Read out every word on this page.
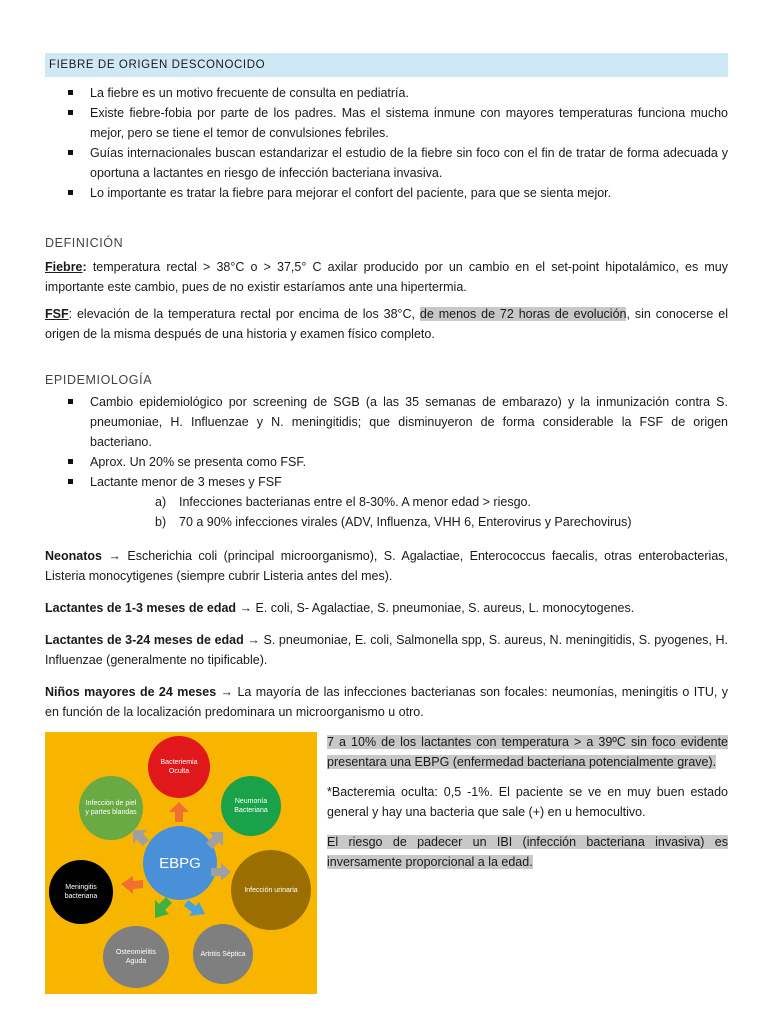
FIEBRE DE ORIGEN DESCONOCIDO
La fiebre es un motivo frecuente de consulta en pediatría.
Existe fiebre-fobia por parte de los padres. Mas el sistema inmune con mayores temperaturas funciona mucho mejor, pero se tiene el temor de convulsiones febriles.
Guías internacionales buscan estandarizar el estudio de la fiebre sin foco con el fin de tratar de forma adecuada y oportuna a lactantes en riesgo de infección bacteriana invasiva.
Lo importante es tratar la fiebre para mejorar el confort del paciente, para que se sienta mejor.
DEFINICIÓN

Fiebre: temperatura rectal > 38°C o > 37,5° C axilar producido por un cambio en el set-point hipotalámico, es muy importante este cambio, pues de no existir estaríamos ante una hipertermia.

FSF: elevación de la temperatura rectal por encima de los 38°C, de menos de 72 horas de evolución, sin conocerse el origen de la misma después de una historia y examen físico completo.

EPIDEMIOLOGÍA
Cambio epidemiológico por screening de SGB (a las 35 semanas de embarazo) y la inmunización contra S. pneumoniae, H. Influenzae y N. meningitidis; que disminuyeron de forma considerable la FSF de origen bacteriano.
Aprox. Un 20% se presenta como FSF.
Lactante menor de 3 meses y FSF
a) Infecciones bacterianas entre el 8-30%. A menor edad > riesgo.
b) 70 a 90% infecciones virales (ADV, Influenza, VHH 6, Enterovirus y Parechovirus)

Neonatos → Escherichia coli (principal microorganismo), S. Agalactiae, Enterococcus faecalis, otras enterobacterias, Listeria monocytigenes (siempre cubrir Listeria antes del mes).

Lactantes de 1-3 meses de edad → E. coli, S- Agalactiae, S. pneumoniae, S. aureus, L. monocytogenes.

Lactantes de 3-24 meses de edad → S. pneumoniae, E. coli, Salmonella spp, S. aureus, N. meningitidis, S. pyogenes, H. Influenzae (generalmente no tipificable).

Niños mayores de 24 meses → La mayoría de las infecciones bacterianas son focales: neumonías, meningitis o ITU, y en función de la localización predominara un microorganismo u otro.

EBPG
Bacteriemia Oculta
Neumonía Bacteriana
Infección urinaria
Artritis Séptica
Osteomielitis Aguda
Meningitis bacteriana
Infección de piel y partes blandas

7 a 10% de los lactantes con temperatura > a 39ºC sin foco evidente presentara una EBPG (enfermedad bacteriana potencialmente grave).

*Bacteremia oculta: 0,5 -1%. El paciente se ve en muy buen estado general y hay una bacteria que sale (+) en u hemocultivo.

El riesgo de padecer un IBI (infección bacteriana invasiva) es inversamente proporcional a la edad.
